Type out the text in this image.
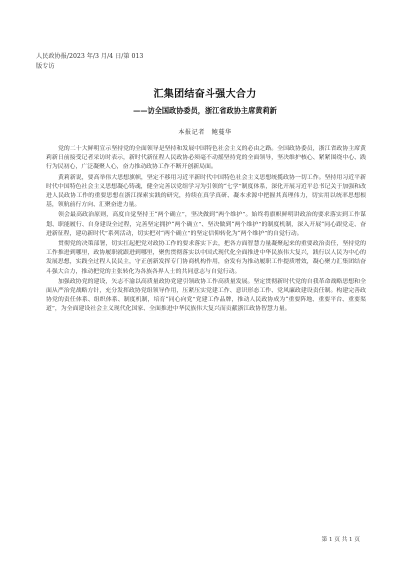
人民政协报/2023 年/3 月/4 日/第 013
版专访
汇集团结奋斗强大合力
——访全国政协委员，浙江省政协主席黄莉新
本报记者　鲍蔓华

党的二十大鲜明宣示坚持党的全面领导是坚持和发展中国特色社会主义的必由之路。全国政协委员，浙江省政协主席黄莉新日前接受记者采访时表示，新时代新征程人民政协必须毫不动摇坚持党的全面领导，坚决维护核心、紧紧围绕中心、践行为民初心，广泛凝聚人心，奋力推动政协工作不断开创新局面。

黄莉新说，要高举伟大思想旗帜，坚定不移用习近平新时代中国特色社会主义思想统揽政协一切工作。坚持用习近平新时代中国特色社会主义思想凝心铸魂，健全完善以党组学习为引领的“七学”制度体系，深化开展习近平总书记关于加强和改进人民政协工作的重要思想在浙江探索实践的研究，持续在真学真研、凝本求源中把握其真理伟力，切实用以统率思想根基，领航前行方向、汇聚奋进力量。

领会最高政治原则，高度自觉坚持王“两个确立”，坚决做到“两个维护”。始终将旗帜鲜明讲政治的要求落实到工作谋划、职能履行、自身建设全过程，完善坚定拥护“两个确立”、坚决做到“两个维护”的制度机制，深入开展“同心跟党走、奋进新征程，建功新时代”系列活动，切实把对“两个确立”的坚定信仰转化为“两个维护”的自觉行动。

贯彻党的决策部署，切实扛起把党对政协工作的要求落实下去，把各方面智慧力量凝聚起来的重要政治责任，坚持党的工作推进到哪里，政协履职就跟进到哪里，聚焦贯彻落实以中国式现代化全面推进中华民族伟大复兴，践行以人民为中心的发展思想，实践全过程人民民主，守正创新发挥专门协商机构作用，奋发有为推动履职工作提质增效，凝心聚力汇集团结奋斗强大合力，推动把党的主张转化为各族各界人士的共同意志与自觉行动。

加强政协党的建设，矢志不渝以高质量政协党建引领政协工作高质量发展。坚定贯彻新时代党的自我革命战略思想和全面从严治党战略方针，充分发挥政协党组领导作用，压紧压实党建工作、意识形态工作、党风廉政建设责任制。构建完善政协党的责任体系、组织体系、制度机制，培育“同心向党”党建工作品牌，推动人民政协成为“重要阵地、重要平台、重要渠道”，为全面建设社会主义现代化国家、全面推进中华民族伟大复兴而贡献浙江政协智慧力量。

第 1 页 共 1 页
